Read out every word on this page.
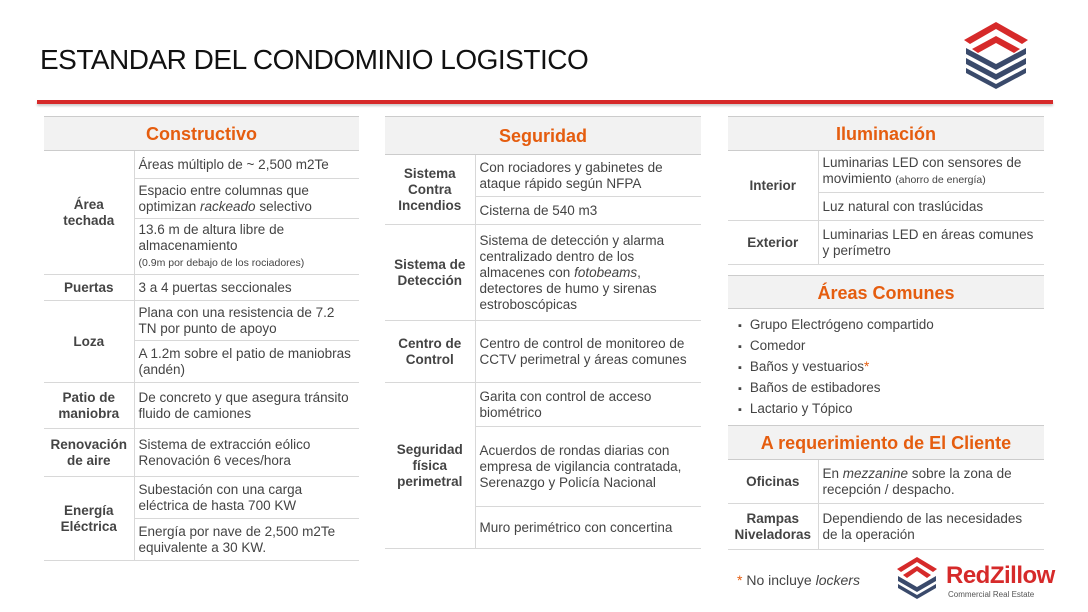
ESTANDAR DEL CONDOMINIO LOGISTICO
Constructivo	
Área techada	Áreas múltiplo de ~ 2,500 m2Te
	Espacio entre columnas que optimizan rackeado selectivo
	13.6 m de altura libre de almacenamiento
(0.9m por debajo de los rociadores)
Puertas	3 a 4 puertas seccionales
Loza	Plana con una resistencia de 7.2 TN por punto de apoyo
	A 1.2m sobre el patio de maniobras (andén)
Patio de maniobra	De concreto y que asegura tránsito fluido de camiones
Renovación de aire	Sistema de extracción eólico Renovación 6 veces/hora
Energía Eléctrica	Subestación con una carga eléctrica de hasta 700 KW
	Energía por nave de 2,500 m2Te equivalente a 30 KW.
Seguridad	
Sistema Contra Incendios	Con rociadores y gabinetes de ataque rápido según NFPA
	Cisterna de 540 m3
Sistema de Detección	Sistema de detección y alarma centralizado dentro de los almacenes con fotobeams, detectores de humo y sirenas estroboscópicas
Centro de Control	Centro de control de monitoreo de CCTV perimetral y áreas comunes
Seguridad física perimetral	Garita con control de acceso biométrico
	Acuerdos de rondas diarias con empresa de vigilancia contratada, Serenazgo y Policía Nacional
	Muro perimétrico con concertina
Iluminación	
Interior	Luminarias LED con sensores de movimiento (ahorro de energía)
	Luz natural con traslúcidas
Exterior	Luminarias LED en áreas comunes y perímetro
Áreas Comunes
▪ Grupo Electrógeno compartido
▪ Comedor
▪ Baños y vestuarios*
▪ Baños de estibadores
▪ Lactario y Tópico
A requerimiento de El Cliente	
Oficinas	En mezzanine sobre la zona de recepción / despacho.
Rampas Niveladoras	Dependiendo de las necesidades de la operación
* No incluye lockers	RedZillow
Commercial Real Estate
